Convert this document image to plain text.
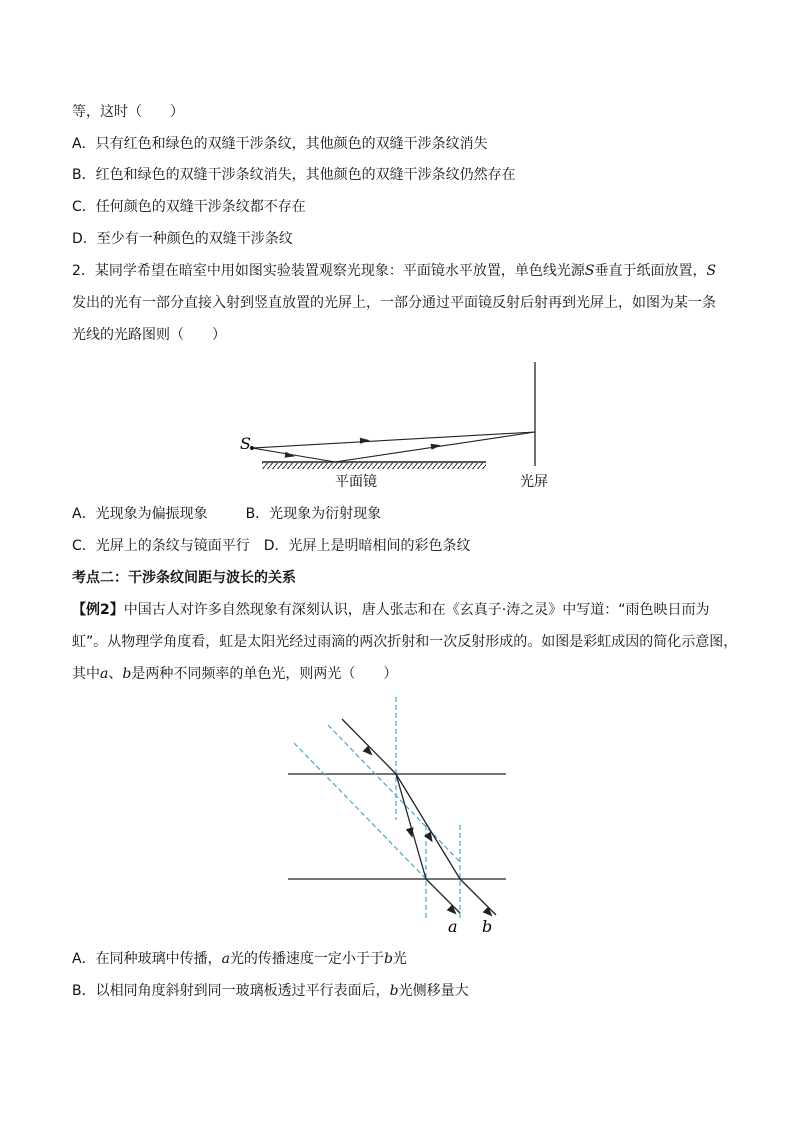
等，这时（　　）
A．只有红色和绿色的双缝干涉条纹，其他颜色的双缝干涉条纹消失
B．红色和绿色的双缝干涉条纹消失，其他颜色的双缝干涉条纹仍然存在
C．任何颜色的双缝干涉条纹都不存在
D．至少有一种颜色的双缝干涉条纹
2．某同学希望在暗室中用如图实验装置观察光现象：平面镜水平放置，单色线光源S垂直于纸面放置，S
发出的光有一部分直接入射到竖直放置的光屏上，一部分通过平面镜反射后射再到光屏上，如图为某一条
光线的光路图则（　　）
S
平面镜	光屏
A．光现象为偏振现象	B．光现象为衍射现象
C．光屏上的条纹与镜面平行 D．光屏上是明暗相间的彩色条纹
考点二：干涉条纹间距与波长的关系
【例2】中国古人对许多自然现象有深刻认识，唐人张志和在《玄真子·涛之灵》中写道：“雨色映日而为
虹”。从物理学角度看，虹是太阳光经过雨滴的两次折射和一次反射形成的。如图是彩虹成因的简化示意图，
其中a、b是两种不同频率的单色光，则两光（　　）
a b
A．在同种玻璃中传播，a光的传播速度一定小于于b光
B．以相同角度斜射到同一玻璃板透过平行表面后，b光侧移量大
